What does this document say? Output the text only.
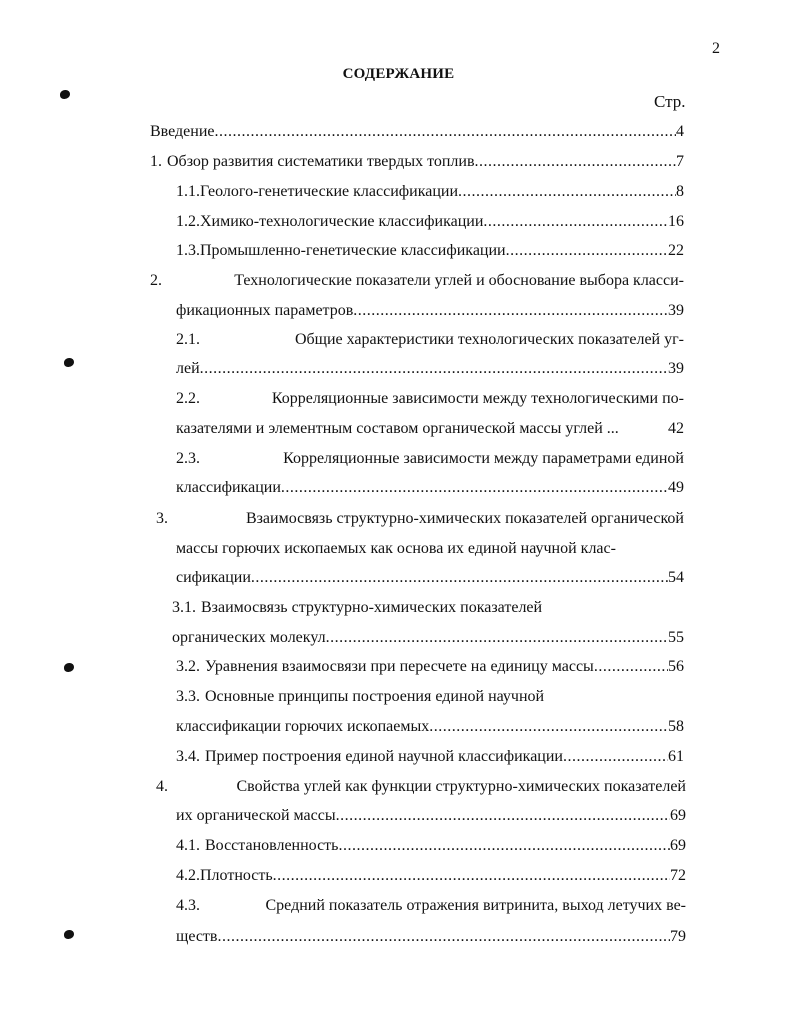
2
СОДЕРЖАНИЕ
Стр.
Введение .....	4
1. Обзор развития систематики твердых топлив .....	7
1.1. Геолого-генетические классификации .....	8
1.2. Химико-технологические классификации .....	16
1.3. Промышленно-генетические классификации .....	22
2.	Технологические показатели углей и обоснование выбора класси-
фикационных параметров .....	39
2.1.	Общие характеристики технологических показателей уг-
лей .....	39
2.2.	Корреляционные зависимости между технологическими по-
казателями и элементным составом органической массы углей ...	42
2.3.	Корреляционные зависимости между параметрами единой
классификации .....	49
3.	Взаимосвязь структурно-химических показателей органической
массы горючих ископаемых как основа их единой научной клас-
сификации .....	54
3.1. Взаимосвязь структурно-химических показателей
органических молекул .....	55
3.2. Уравнения взаимосвязи при пересчете на единицу массы .....	56
3.3. Основные принципы построения единой научной
классификации горючих ископаемых .....	58
3.4. Пример построения единой научной классификации .....	61
4.	Свойства углей как функции структурно-химических показателей
их органической массы .....	69
4.1. Восстановленность .....	69
4.2. Плотность .....	72
4.3.	Средний показатель отражения витринита, выход летучих ве-
ществ .....	79
